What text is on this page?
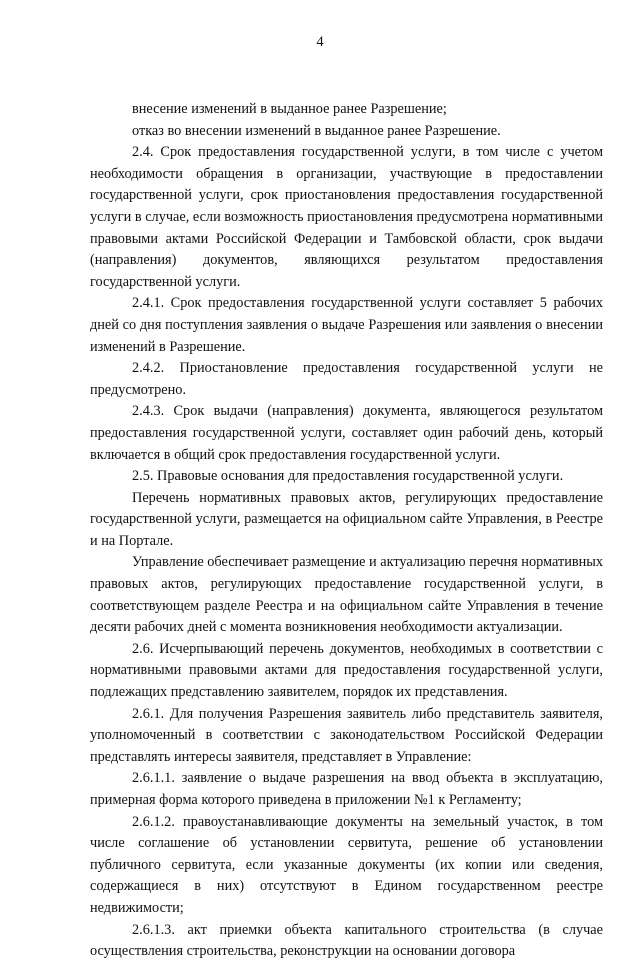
4

внесение изменений в выданное ранее Разрешение;

отказ во внесении изменений в выданное ранее Разрешение.

2.4. Срок предоставления государственной услуги, в том числе с учетом необходимости обращения в организации, участвующие в предоставлении государственной услуги, срок приостановления предоставления государственной услуги в случае, если возможность приостановления предусмотрена нормативными правовыми актами Российской Федерации и Тамбовской области, срок выдачи (направления) документов, являющихся результатом предоставления государственной услуги.

2.4.1. Срок предоставления государственной услуги составляет 5 рабочих дней со дня поступления заявления о выдаче Разрешения или заявления о внесении изменений в Разрешение.

2.4.2. Приостановление предоставления государственной услуги не предусмотрено.

2.4.3. Срок выдачи (направления) документа, являющегося результатом предоставления государственной услуги, составляет один рабочий день, который включается в общий срок предоставления государственной услуги.

2.5. Правовые основания для предоставления государственной услуги.

Перечень нормативных правовых актов, регулирующих предоставление государственной услуги, размещается на официальном сайте Управления, в Реестре и на Портале.

Управление обеспечивает размещение и актуализацию перечня нормативных правовых актов, регулирующих предоставление государственной услуги, в соответствующем разделе Реестра и на официальном сайте Управления в течение десяти рабочих дней с момента возникновения необходимости актуализации.

2.6. Исчерпывающий перечень документов, необходимых в соответствии с нормативными правовыми актами для предоставления государственной услуги, подлежащих представлению заявителем, порядок их представления.

2.6.1. Для получения Разрешения заявитель либо представитель заявителя, уполномоченный в соответствии с законодательством Российской Федерации представлять интересы заявителя, представляет в Управление:

2.6.1.1. заявление о выдаче разрешения на ввод объекта в эксплуатацию, примерная форма которого приведена в приложении №1 к Регламенту;

2.6.1.2. правоустанавливающие документы на земельный участок, в том числе соглашение об установлении сервитута, решение об установлении публичного сервитута, если указанные документы (их копии или сведения, содержащиеся в них) отсутствуют в Едином государственном реестре недвижимости;

2.6.1.3. акт приемки объекта капитального строительства (в случае осуществления строительства, реконструкции на основании договора
